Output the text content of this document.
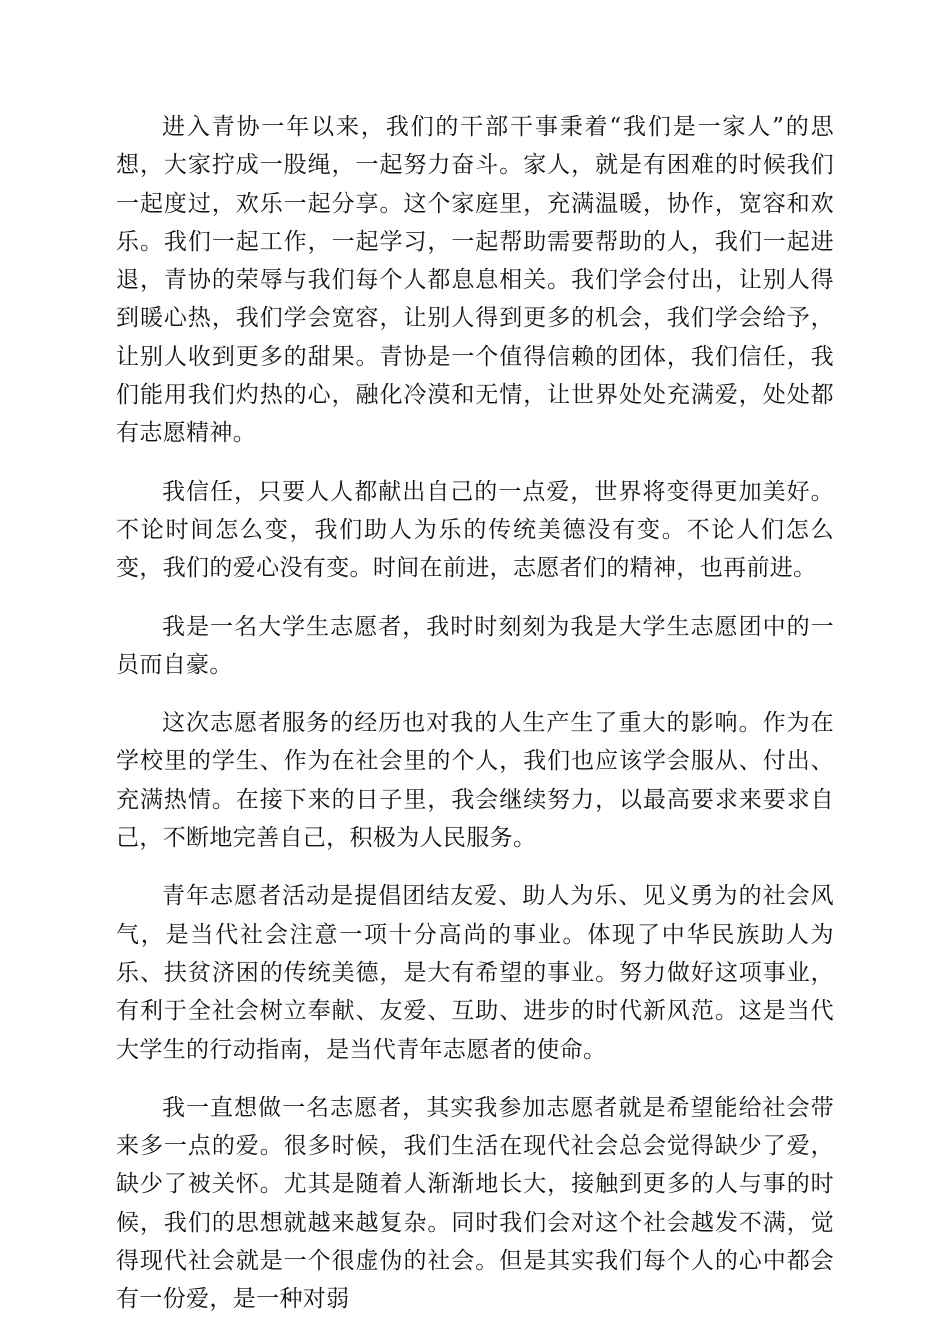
进入青协一年以来，我们的干部干事秉着“我们是一家人”的思想，大家拧成一股绳，一起努力奋斗。家人，就是有困难的时候我们一起度过，欢乐一起分享。这个家庭里，充满温暖，协作，宽容和欢乐。我们一起工作，一起学习，一起帮助需要帮助的人，我们一起进退，青协的荣辱与我们每个人都息息相关。我们学会付出，让别人得到暖心热，我们学会宽容，让别人得到更多的机会，我们学会给予，让别人收到更多的甜果。青协是一个值得信赖的团体，我们信任，我们能用我们灼热的心，融化冷漠和无情，让世界处处充满爱，处处都有志愿精神。

我信任，只要人人都献出自己的一点爱，世界将变得更加美好。不论时间怎么变，我们助人为乐的传统美德没有变。不论人们怎么变，我们的爱心没有变。时间在前进，志愿者们的精神，也再前进。

我是一名大学生志愿者，我时时刻刻为我是大学生志愿团中的一员而自豪。

这次志愿者服务的经历也对我的人生产生了重大的影响。作为在学校里的学生、作为在社会里的个人，我们也应该学会服从、付出、充满热情。在接下来的日子里，我会继续努力，以最高要求来要求自己，不断地完善自己，积极为人民服务。

青年志愿者活动是提倡团结友爱、助人为乐、见义勇为的社会风气，是当代社会注意一项十分高尚的事业。体现了中华民族助人为乐、扶贫济困的传统美德，是大有希望的事业。努力做好这项事业，有利于全社会树立奉献、友爱、互助、进步的时代新风范。这是当代大学生的行动指南，是当代青年志愿者的使命。

我一直想做一名志愿者，其实我参加志愿者就是希望能给社会带来多一点的爱。很多时候，我们生活在现代社会总会觉得缺少了爱，缺少了被关怀。尤其是随着人渐渐地长大，接触到更多的人与事的时候，我们的思想就越来越复杂。同时我们会对这个社会越发不满，觉得现代社会就是一个很虚伪的社会。但是其实我们每个人的心中都会有一份爱，是一种对弱
